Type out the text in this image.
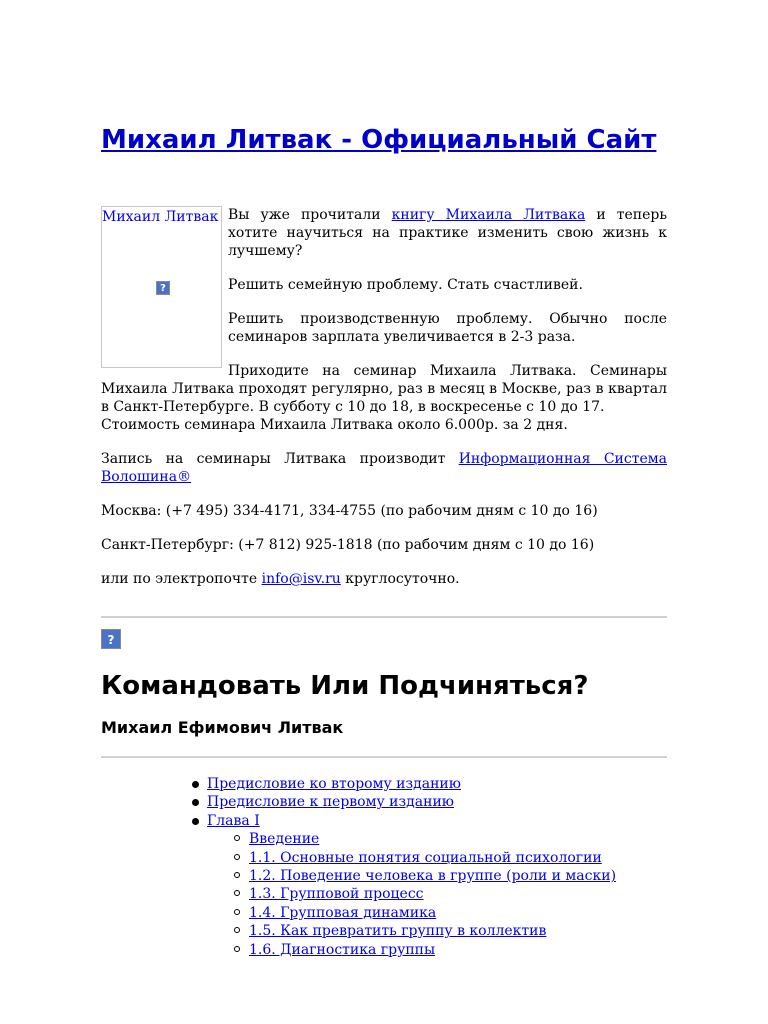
Михаил Литвак - Официальный Сайт
Михаил Литвак
?

Вы уже прочитали книгу Михаила Литвака и теперь хотите научиться на практике изменить свою жизнь к лучшему?

Решить семейную проблему. Стать счастливей.

Решить производственную проблему. Обычно после семинаров зарплата увеличивается в 2-3 раза.

Приходите на семинар Михаила Литвака. Семинары Михаила Литвака проходят регулярно, раз в месяц в Москве, раз в квартал в Санкт-Петербурге. В субботу с 10 до 18, в воскресенье с 10 до 17.

Стоимость семинара Михаила Литвака около 6.000р. за 2 дня.

Запись на семинары Литвака производит Информационная Система Волошина®

Москва: (+7 495) 334-4171, 334-4755 (по рабочим дням с 10 до 16)

Санкт-Петербург: (+7 812) 925-1818 (по рабочим дням с 10 до 16)

или по электропочте info@isv.ru круглосуточно.

?
Командовать Или Подчиняться?
Михаил Ефимович Литвак
Предисловие ко второму изданию
Предисловие к первому изданию
Глава I
Введение
1.1. Основные понятия социальной психологии
1.2. Поведение человека в группе (роли и маски)
1.3. Групповой процесс
1.4. Групповая динамика
1.5. Как превратить группу в коллектив
1.6. Диагностика группы
